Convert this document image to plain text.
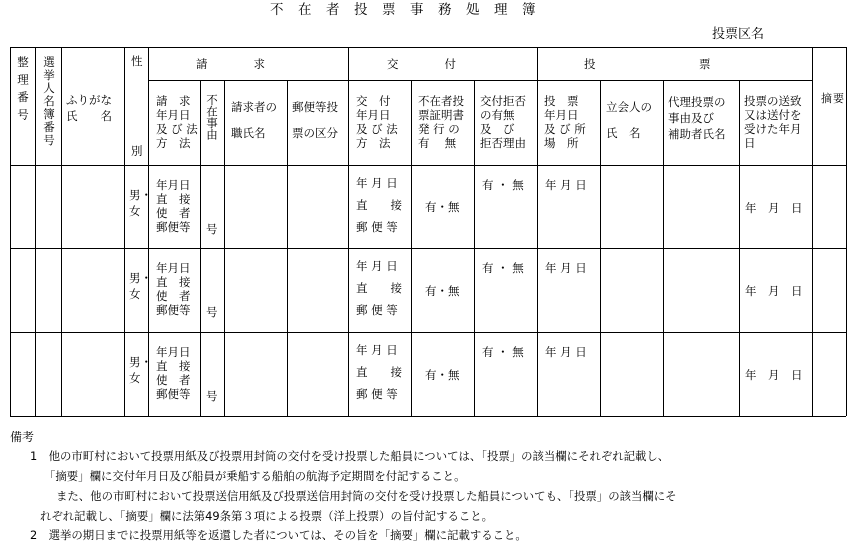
不在者投票事務処理簿
投票区名
整理番号 選挙人名簿番号 ふりがな
氏　　名
性
別
請　　　　求	交　　　　付	投　　　　　　　　　票
摘要
請　求
年月日
及 び 法
方　法
不在事由 請求者の

職氏名
郵便等投

票の区分
交　付
年月日
及 び 法
方　法
不在者投
票証明書
発 行 の
有　 無
交付拒否
の有無
及　び
拒否理由
投　票
年月日
及 び 所
場　所
立会人の

氏　名
代理投票の
事由及び
補助者氏名
投票の送致
又は送付を
受けた年月
日
男・女
年月日
直　接
使　者
郵便等 号
年 月 日

直　　接

郵 便 等
有・無
有 ・ 無 年 月 日
年　月　日
男・女
年月日
直　接
使　者
郵便等 号
年 月 日

直　　接

郵 便 等
有・無
有 ・ 無 年 月 日
年　月　日
男・女
年月日
直　接
使　者
郵便等 号
年 月 日

直　　接

郵 便 等
有・無
有 ・ 無 年 月 日
年　月　日
備考
1　他の市町村において投票用紙及び投票用封筒の交付を受け投票した船員については、「投票」の該当欄にそれぞれ記載し、
「摘要」欄に交付年月日及び船員が乗船する船舶の航海予定期間を付記すること。
また、他の市町村において投票送信用紙及び投票送信用封筒の交付を受け投票した船員についても、「投票」の該当欄にそ
れぞれ記載し、「摘要」欄に法第49条第３項による投票（洋上投票）の旨付記すること。
2　選挙の期日までに投票用紙等を返還した者については、その旨を「摘要」欄に記載すること。
